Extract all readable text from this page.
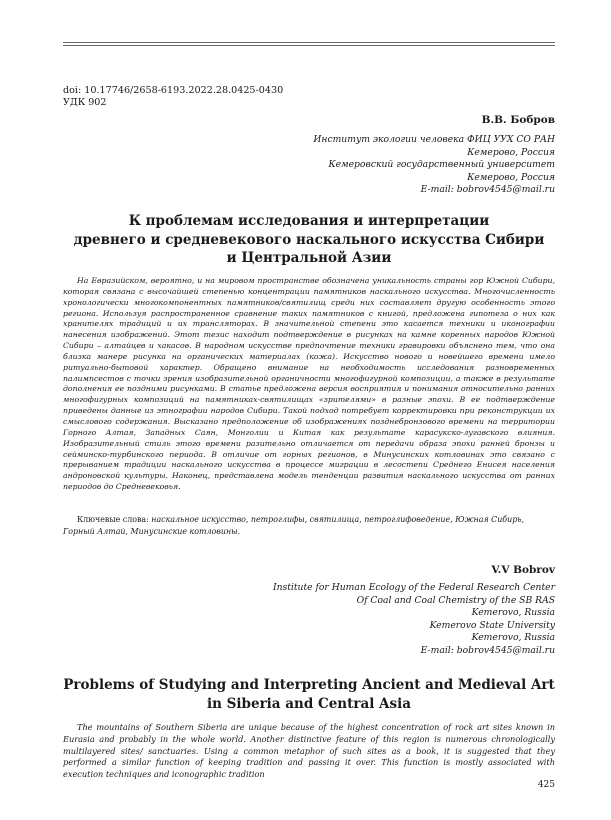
doi: 10.17746/2658-6193.2022.28.0425-0430
УДК 902
В.В. Бобров
Институт экологии человека ФИЦ УУХ СО РАН
Кемерово, Россия
Кемеровский государственный университет
Кемерово, Россия
E-mail: bobrov4545@mail.ru
К проблемам исследования и интерпретации
древнего и средневекового наскального искусства Сибири
и Центральной Азии

На Евразийском, вероятно, и на мировом пространстве обозначена уникальность страны гор Южной Сибири, которая связана с высочайшей степенью концентрации памятников наскального искусства. Многочисленность хронологически многокомпонентных памятников/святилищ среди них составляет другую особенность этого региона. Используя распространенное сравнение таких памятников с книгой, предложена гипотеза о них как хранителях традиций и их трансляторах. В значительной степени это касается техники и иконографии нанесения изображений. Этот тезис находит подтверждение в рисунках на камне коренных народов Южной Сибири – алтайцев и хакасов. В народном искусстве предпочтение техники гравировки объяснено тем, что она близка манере рисунка на органических материалах (кожа). Искусство нового и новейшего времени имело ритуально-бытовой характер. Обращено внимание на необходимость исследования разновременных палимпсестов с точки зрения изобразительной органичности многофигурной композиции, а также в результате дополнения ее поздними рисунками. В статье предложена версия восприятия и понимания относительно ранних многофигурных композиций на памятниках-святилищах «зрителями» в разные эпохи. В ее подтверждение приведены данные из этнографии народов Сибири. Такой подход потребует корректировки при реконструкции их смыслового содержания. Высказано предположение об изображениях позднебронзового времени на территории Горного Алтая, Западных Саян, Монголии и Китая как результате карасукско-лугавского влияния. Изобразительный стиль этого времени разительно отличается от передачи образа эпохи ранней бронзы и сейминско-турбинского периода. В отличие от горных регионов, в Минусинских котловинах это связано с прерыванием традиции наскального искусства в процессе миграции в лесостепи Среднего Енисея населения андроновской культуры. Наконец, представлена модель тенденции развития наскального искусства от ранних периодов до Средневековья.

Ключевые слова: наскальное искусство, петроглифы, святилища, петроглифоведение, Южная Сибирь, Горный Алтай, Минусинские котловины.
V.V Bobrov
Institute for Human Ecology of the Federal Research Center
Of Coal and Coal Chemistry of the SB RAS
Kemerovo, Russia
Kemerovo State University
Kemerovo, Russia
E-mail: bobrov4545@mail.ru
Problems of Studying and Interpreting Ancient and Medieval Art
in Siberia and Central Asia

The mountains of Southern Siberia are unique because of the highest concentration of rock art sites known in Eurasia and probably in the whole world. Another distinctive feature of this region is numerous chronologically multilayered sites/ sanctuaries. Using a common metaphor of such sites as a book, it is suggested that they performed a similar function of keeping tradition and passing it over. This function is mostly associated with execution techniques and iconographic tradition

425
